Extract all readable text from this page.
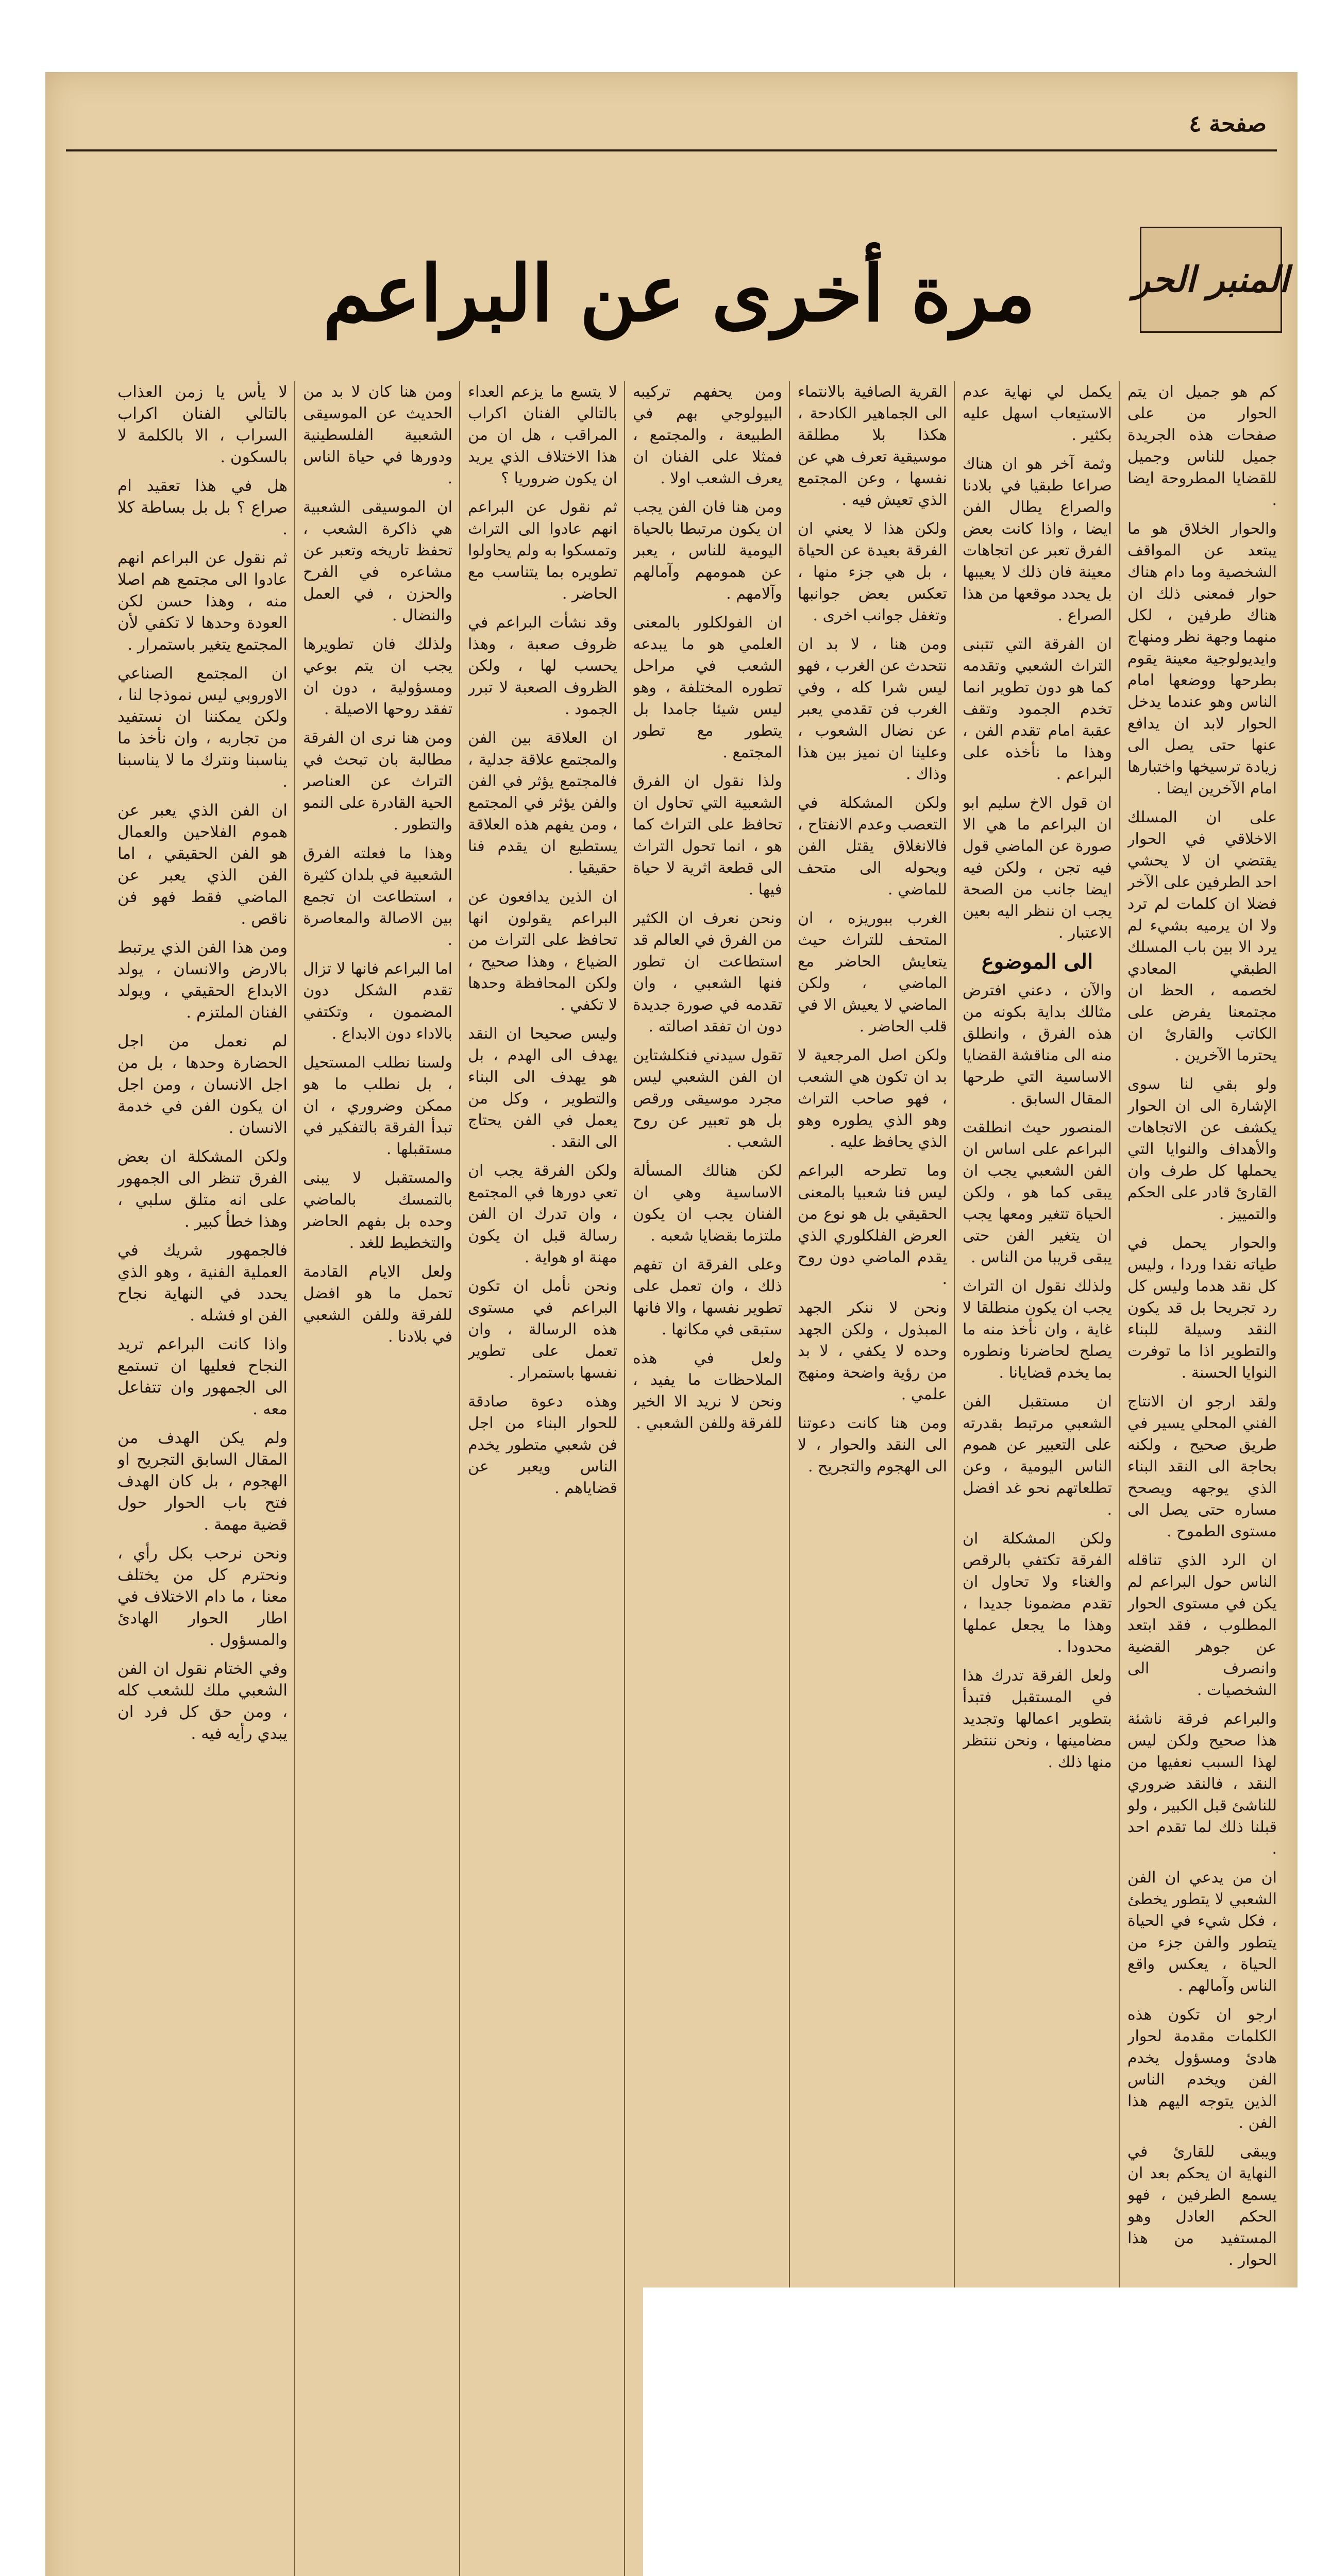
صفحة ٤
المنبر الحر
مرة أخرى عن البراعم

كم هو جميل ان يتم الحوار من على صفحات هذه الجريدة جميل للناس وجميل للقضايا المطروحة ايضا .

والحوار الخلاق هو ما يبتعد عن المواقف الشخصية وما دام هناك حوار فمعنى ذلك ان هناك طرفين ، لكل منهما وجهة نظر ومنهاج وايديولوجية معينة يقوم بطرحها ووضعها امام الناس وهو عندما يدخل الحوار لابد ان يدافع عنها حتى يصل الى زيادة ترسيخها واختبارها امام الآخرين ايضا .

على ان المسلك الاخلاقي في الحوار يقتضي ان لا يحشي احد الطرفين على الآخر فضلا ان كلمات لم ترد ولا ان يرميه بشيء لم يرد الا بين باب المسلك الطبقي المعادي لخصمه ، الحظ ان مجتمعنا يفرض على الكاتب والقارئ ان يحترما الآخرين .

ولو بقي لنا سوى الإشارة الى ان الحوار يكشف عن الاتجاهات والأهداف والنوايا التي يحملها كل طرف وان القارئ قادر على الحكم والتمييز .

والحوار يحمل في طياته نقدا وردا ، وليس كل نقد هدما وليس كل رد تجريحا بل قد يكون النقد وسيلة للبناء والتطوير اذا ما توفرت النوايا الحسنة .

ولقد ارجو ان الانتاج الفني المحلي يسير في طريق صحيح ، ولكنه بحاجة الى النقد البناء الذي يوجهه ويصحح مساره حتى يصل الى مستوى الطموح .

ان الرد الذي تناقله الناس حول البراعم لم يكن في مستوى الحوار المطلوب ، فقد ابتعد عن جوهر القضية وانصرف الى الشخصيات .

والبراعم فرقة ناشئة هذا صحيح ولكن ليس لهذا السبب نعفيها من النقد ، فالنقد ضروري للناشئ قبل الكبير ، ولو قبلنا ذلك لما تقدم احد .

ان من يدعي ان الفن الشعبي لا يتطور يخطئ ، فكل شيء في الحياة يتطور والفن جزء من الحياة ، يعكس واقع الناس وآمالهم .

ارجو ان تكون هذه الكلمات مقدمة لحوار هادئ ومسؤول يخدم الفن ويخدم الناس الذين يتوجه اليهم هذا الفن .

ويبقى للقارئ في النهاية ان يحكم بعد ان يسمع الطرفين ، فهو الحكم العادل وهو المستفيد من هذا الحوار .

يكمل لي نهاية عدم الاستيعاب اسهل عليه بكثير .

وثمة آخر هو ان هناك صراعا طبقيا في بلادنا والصراع يطال الفن ايضا ، واذا كانت بعض الفرق تعبر عن اتجاهات معينة فان ذلك لا يعيبها بل يحدد موقعها من هذا الصراع .

ان الفرقة التي تتبنى التراث الشعبي وتقدمه كما هو دون تطوير انما تخدم الجمود وتقف عقبة امام تقدم الفن ، وهذا ما نأخذه على البراعم .

ان قول الاخ سليم ابو ان البراعم ما هي الا صورة عن الماضي قول فيه تجن ، ولكن فيه ايضا جانب من الصحة يجب ان ننظر اليه بعين الاعتبار .

الى الموضوع

والآن ، دعني افترض مثالك بداية بكونه من هذه الفرق ، وانطلق منه الى مناقشة القضايا الاساسية التي طرحها المقال السابق .

المنصور حيث انطلقت البراعم على اساس ان الفن الشعبي يجب ان يبقى كما هو ، ولكن الحياة تتغير ومعها يجب ان يتغير الفن حتى يبقى قريبا من الناس .

ولذلك نقول ان التراث يجب ان يكون منطلقا لا غاية ، وان نأخذ منه ما يصلح لحاضرنا ونطوره بما يخدم قضايانا .

ان مستقبل الفن الشعبي مرتبط بقدرته على التعبير عن هموم الناس اليومية ، وعن تطلعاتهم نحو غد افضل .

ولكن المشكلة ان الفرقة تكتفي بالرقص والغناء ولا تحاول ان تقدم مضمونا جديدا ، وهذا ما يجعل عملها محدودا .

ولعل الفرقة تدرك هذا في المستقبل فتبدأ بتطوير اعمالها وتجديد مضامينها ، ونحن ننتظر منها ذلك .

القرية الصافية بالانتماء الى الجماهير الكادحة ، هكذا بلا مطلقة موسيقية تعرف هي عن نفسها ، وعن المجتمع الذي تعيش فيه .

ولكن هذا لا يعني ان الفرقة بعيدة عن الحياة ، بل هي جزء منها ، تعكس بعض جوانبها وتغفل جوانب اخرى .

ومن هنا ، لا بد ان نتحدث عن الغرب ، فهو ليس شرا كله ، وفي الغرب فن تقدمي يعبر عن نضال الشعوب ، وعلينا ان نميز بين هذا وذاك .

ولكن المشكلة في التعصب وعدم الانفتاح ، فالانغلاق يقتل الفن ويحوله الى متحف للماضي .

الغرب ببوريزه ، ان المتحف للتراث حيث يتعايش الحاضر مع الماضي ، ولكن الماضي لا يعيش الا في قلب الحاضر .

ولكن اصل المرجعية لا بد ان تكون هي الشعب ، فهو صاحب التراث وهو الذي يطوره وهو الذي يحافظ عليه .

وما تطرحه البراعم ليس فنا شعبيا بالمعنى الحقيقي بل هو نوع من العرض الفلكلوري الذي يقدم الماضي دون روح .

ونحن لا ننكر الجهد المبذول ، ولكن الجهد وحده لا يكفي ، لا بد من رؤية واضحة ومنهج علمي .

ومن هنا كانت دعوتنا الى النقد والحوار ، لا الى الهجوم والتجريح .

ومن يحفهم تركيبه البيولوجي بهم في الطبيعة ، والمجتمع ، فمثلا على الفنان ان يعرف الشعب اولا .

ومن هنا فان الفن يجب ان يكون مرتبطا بالحياة اليومية للناس ، يعبر عن همومهم وآمالهم وآلامهم .

ان الفولكلور بالمعنى العلمي هو ما يبدعه الشعب في مراحل تطوره المختلفة ، وهو ليس شيئا جامدا بل يتطور مع تطور المجتمع .

ولذا نقول ان الفرق الشعبية التي تحاول ان تحافظ على التراث كما هو ، انما تحول التراث الى قطعة اثرية لا حياة فيها .

ونحن نعرف ان الكثير من الفرق في العالم قد استطاعت ان تطور فنها الشعبي ، وان تقدمه في صورة جديدة دون ان تفقد اصالته .

تقول سيدني فنكلشتاين ان الفن الشعبي ليس مجرد موسيقى ورقص بل هو تعبير عن روح الشعب .

لكن هنالك المسألة الاساسية وهي ان الفنان يجب ان يكون ملتزما بقضايا شعبه .

وعلى الفرقة ان تفهم ذلك ، وان تعمل على تطوير نفسها ، والا فانها ستبقى في مكانها .

ولعل في هذه الملاحظات ما يفيد ، ونحن لا نريد الا الخير للفرقة وللفن الشعبي .

لا يتسع ما يزعم العداء بالتالي الفنان اكراب المراقب ، هل ان من هذا الاختلاف الذي يريد ان يكون ضروريا ؟

ثم نقول عن البراعم انهم عادوا الى التراث وتمسكوا به ولم يحاولوا تطويره بما يتناسب مع الحاضر .

وقد نشأت البراعم في ظروف صعبة ، وهذا يحسب لها ، ولكن الظروف الصعبة لا تبرر الجمود .

ان العلاقة بين الفن والمجتمع علاقة جدلية ، فالمجتمع يؤثر في الفن والفن يؤثر في المجتمع ، ومن يفهم هذه العلاقة يستطيع ان يقدم فنا حقيقيا .

ان الذين يدافعون عن البراعم يقولون انها تحافظ على التراث من الضياع ، وهذا صحيح ، ولكن المحافظة وحدها لا تكفي .

وليس صحيحا ان النقد يهدف الى الهدم ، بل هو يهدف الى البناء والتطوير ، وكل من يعمل في الفن يحتاج الى النقد .

ولكن الفرقة يجب ان تعي دورها في المجتمع ، وان تدرك ان الفن رسالة قبل ان يكون مهنة او هواية .

ونحن نأمل ان تكون البراعم في مستوى هذه الرسالة ، وان تعمل على تطوير نفسها باستمرار .

وهذه دعوة صادقة للحوار البناء من اجل فن شعبي متطور يخدم الناس ويعبر عن قضاياهم .

ومن هنا كان لا بد من الحديث عن الموسيقى الشعبية الفلسطينية ودورها في حياة الناس .

ان الموسيقى الشعبية هي ذاكرة الشعب ، تحفظ تاريخه وتعبر عن مشاعره في الفرح والحزن ، في العمل والنضال .

ولذلك فان تطويرها يجب ان يتم بوعي ومسؤولية ، دون ان تفقد روحها الاصيلة .

ومن هنا نرى ان الفرقة مطالبة بان تبحث في التراث عن العناصر الحية القادرة على النمو والتطور .

وهذا ما فعلته الفرق الشعبية في بلدان كثيرة ، استطاعت ان تجمع بين الاصالة والمعاصرة .

اما البراعم فانها لا تزال تقدم الشكل دون المضمون ، وتكتفي بالاداء دون الابداع .

ولسنا نطلب المستحيل ، بل نطلب ما هو ممكن وضروري ، ان تبدأ الفرقة بالتفكير في مستقبلها .

والمستقبل لا يبنى بالتمسك بالماضي وحده بل بفهم الحاضر والتخطيط للغد .

ولعل الايام القادمة تحمل ما هو افضل للفرقة وللفن الشعبي في بلادنا .

لا يأس يا زمن العذاب بالتالي الفنان اكراب السراب ، الا بالكلمة لا بالسكون .

هل في هذا تعقيد ام صراع ؟ بل بل بساطة كلا .

ثم نقول عن البراعم انهم عادوا الى مجتمع هم اصلا منه ، وهذا حسن لكن العودة وحدها لا تكفي لأن المجتمع يتغير باستمرار .

ان المجتمع الصناعي الاوروبي ليس نموذجا لنا ، ولكن يمكننا ان نستفيد من تجاربه ، وان نأخذ ما يناسبنا ونترك ما لا يناسبنا .

ان الفن الذي يعبر عن هموم الفلاحين والعمال هو الفن الحقيقي ، اما الفن الذي يعبر عن الماضي فقط فهو فن ناقص .

ومن هذا الفن الذي يرتبط بالارض والانسان ، يولد الابداع الحقيقي ، ويولد الفنان الملتزم .

لم نعمل من اجل الحضارة وحدها ، بل من اجل الانسان ، ومن اجل ان يكون الفن في خدمة الانسان .

ولكن المشكلة ان بعض الفرق تنظر الى الجمهور على انه متلق سلبي ، وهذا خطأ كبير .

فالجمهور شريك في العملية الفنية ، وهو الذي يحدد في النهاية نجاح الفن او فشله .

واذا كانت البراعم تريد النجاح فعليها ان تستمع الى الجمهور وان تتفاعل معه .

ولم يكن الهدف من المقال السابق التجريح او الهجوم ، بل كان الهدف فتح باب الحوار حول قضية مهمة .

ونحن نرحب بكل رأي ، ونحترم كل من يختلف معنا ، ما دام الاختلاف في اطار الحوار الهادئ والمسؤول .

وفي الختام نقول ان الفن الشعبي ملك للشعب كله ، ومن حق كل فرد ان يبدي رأيه فيه .
